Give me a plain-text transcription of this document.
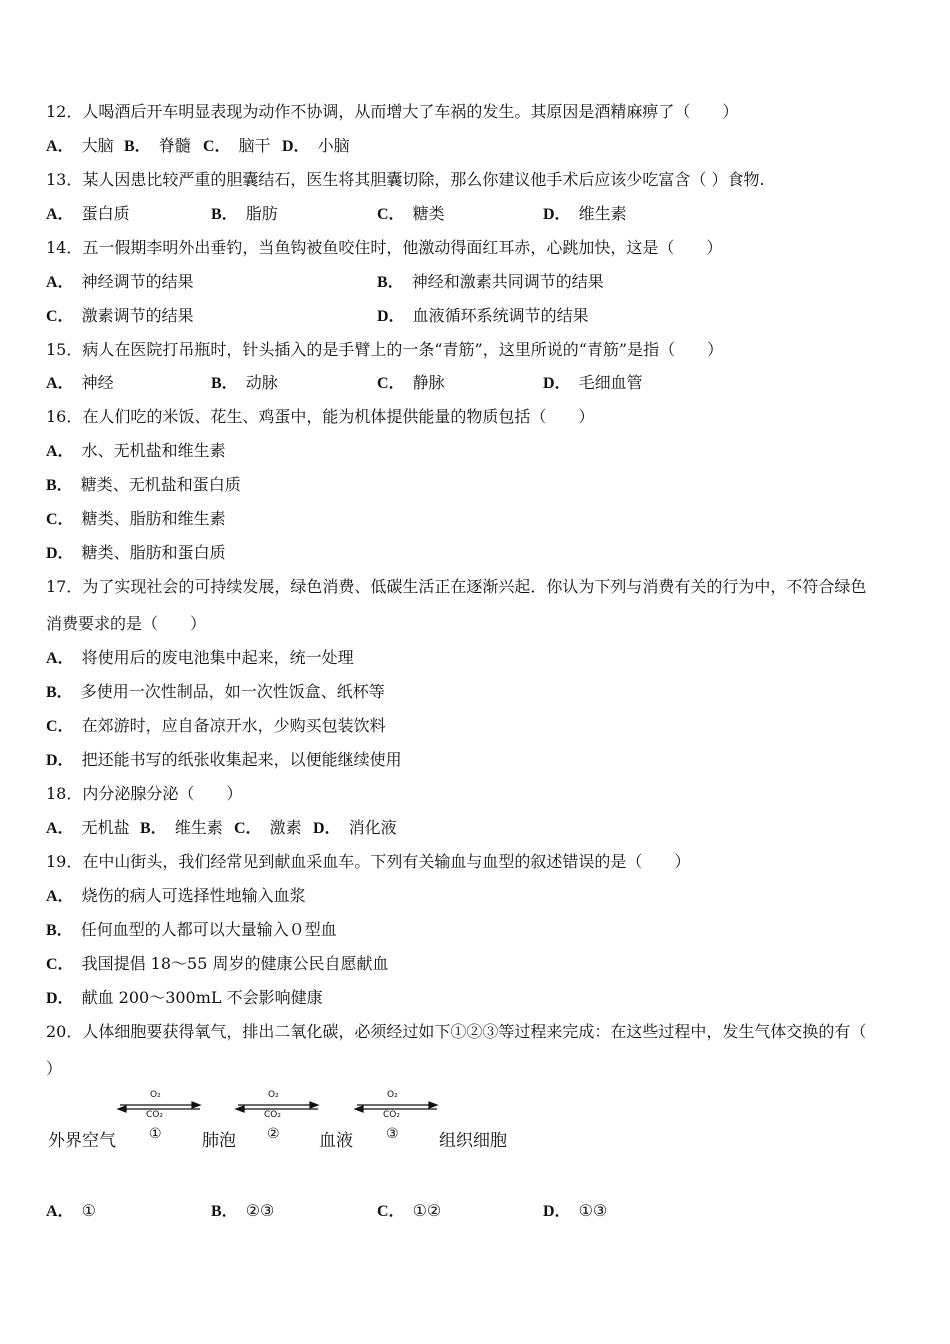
12．人喝酒后开车明显表现为动作不协调，从而增大了车祸的发生。其原因是酒精麻痹了（　　）
A． 大脑 B． 脊髓 C． 脑干 D． 小脑
13．某人因患比较严重的胆囊结石，医生将其胆囊切除，那么你建议他手术后应该少吃富含（ ）食物.
A． 蛋白质	B． 脂肪	C． 糖类	D． 维生素
14．五一假期李明外出垂钓，当鱼钩被鱼咬住时，他激动得面红耳赤，心跳加快，这是（　　）
A． 神经调节的结果	B． 神经和激素共同调节的结果
C． 激素调节的结果	D． 血液循环系统调节的结果
15．病人在医院打吊瓶时，针头插入的是手臂上的一条“青筋”，这里所说的“青筋”是指（　　）
A． 神经	B． 动脉	C． 静脉	D． 毛细血管
16．在人们吃的米饭、花生、鸡蛋中，能为机体提供能量的物质包括（　　）
A． 水、无机盐和维生素
B． 糖类、无机盐和蛋白质
C． 糖类、脂肪和维生素
D． 糖类、脂肪和蛋白质
17．为了实现社会的可持续发展，绿色消费、低碳生活正在逐渐兴起．你认为下列与消费有关的行为中，不符合绿色
消费要求的是（　　）
A． 将使用后的废电池集中起来，统一处理
B． 多使用一次性制品，如一次性饭盒、纸杯等
C． 在郊游时，应自备凉开水，少购买包装饮料
D． 把还能书写的纸张收集起来，以便能继续使用
18．内分泌腺分泌（　　）
A． 无机盐 B． 维生素 C． 激素 D． 消化液
19．在中山街头，我们经常见到献血采血车。下列有关输血与血型的叙述错误的是（　　）
A． 烧伤的病人可选择性地输入血浆
B． 任何血型的人都可以大量输入０型血
C． 我国提倡 18～55 周岁的健康公民自愿献血
D． 献血 200～300mL 不会影响健康
20．人体细胞要获得氧气，排出二氧化碳，必须经过如下①②③等过程来完成：在这些过程中，发生气体交换的有（
）
外界空气	肺泡	血液	组织细胞
O₂
CO₂
①
O₂
CO₂
②
O₂
CO₂
③
A． ①	B． ②③	C． ①②	D． ①③
